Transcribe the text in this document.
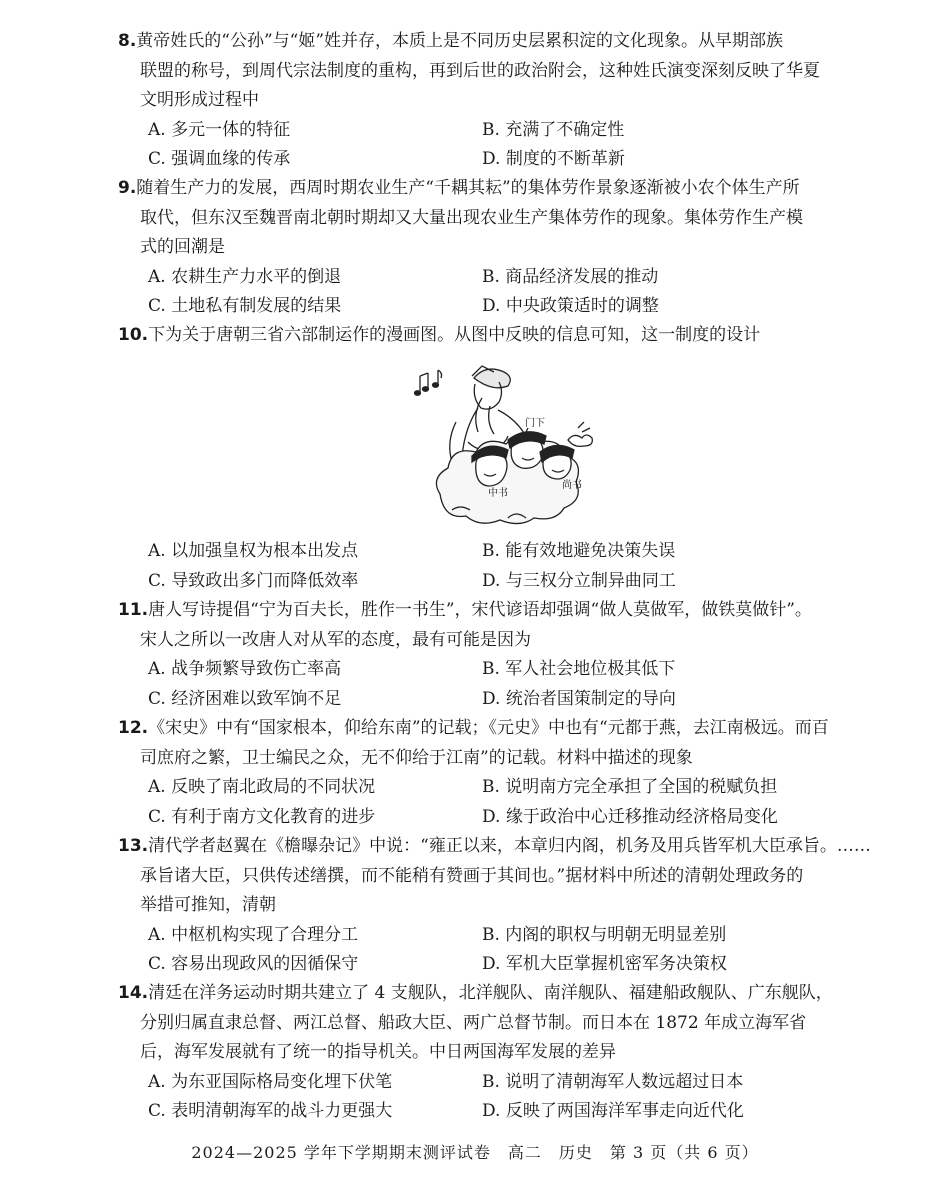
8.黄帝姓氏的“公孙”与“姬”姓并存，本质上是不同历史层累积淀的文化现象。从早期部族
联盟的称号，到周代宗法制度的重构，再到后世的政治附会，这种姓氏演变深刻反映了华夏
文明形成过程中
A. 多元一体的特征	B. 充满了不确定性
C. 强调血缘的传承	D. 制度的不断革新
9.随着生产力的发展，西周时期农业生产“千耦其耘”的集体劳作景象逐渐被小农个体生产所
取代，但东汉至魏晋南北朝时期却又大量出现农业生产集体劳作的现象。集体劳作生产模
式的回潮是
A. 农耕生产力水平的倒退	B. 商品经济发展的推动
C. 土地私有制发展的结果	D. 中央政策适时的调整
10.下为关于唐朝三省六部制运作的漫画图。从图中反映的信息可知，这一制度的设计
门下
中书
尚书
A. 以加强皇权为根本出发点	B. 能有效地避免决策失误
C. 导致政出多门而降低效率	D. 与三权分立制异曲同工
11.唐人写诗提倡“宁为百夫长，胜作一书生”，宋代谚语却强调“做人莫做军，做铁莫做针”。
宋人之所以一改唐人对从军的态度，最有可能是因为
A. 战争频繁导致伤亡率高	B. 军人社会地位极其低下
C. 经济困难以致军饷不足	D. 统治者国策制定的导向
12.《宋史》中有“国家根本，仰给东南”的记载；《元史》中也有“元都于燕，去江南极远。而百
司庶府之繁，卫士编民之众，无不仰给于江南”的记载。材料中描述的现象
A. 反映了南北政局的不同状况	B. 说明南方完全承担了全国的税赋负担
C. 有利于南方文化教育的进步	D. 缘于政治中心迁移推动经济格局变化
13.清代学者赵翼在《檐曝杂记》中说：“雍正以来，本章归内阁，机务及用兵皆军机大臣承旨。……
承旨诸大臣，只供传述缮撰，而不能稍有赞画于其间也。”据材料中所述的清朝处理政务的
举措可推知，清朝
A. 中枢机构实现了合理分工	B. 内阁的职权与明朝无明显差别
C. 容易出现政风的因循保守	D. 军机大臣掌握机密军务决策权
14.清廷在洋务运动时期共建立了 4 支舰队，北洋舰队、南洋舰队、福建船政舰队、广东舰队，
分别归属直隶总督、两江总督、船政大臣、两广总督节制。而日本在 1872 年成立海军省
后，海军发展就有了统一的指导机关。中日两国海军发展的差异
A. 为东亚国际格局变化埋下伏笔	B. 说明了清朝海军人数远超过日本
C. 表明清朝海军的战斗力更强大	D. 反映了两国海洋军事走向近代化
2024—2025 学年下学期期末测评试卷　高二　历史　第 3 页（共 6 页）
